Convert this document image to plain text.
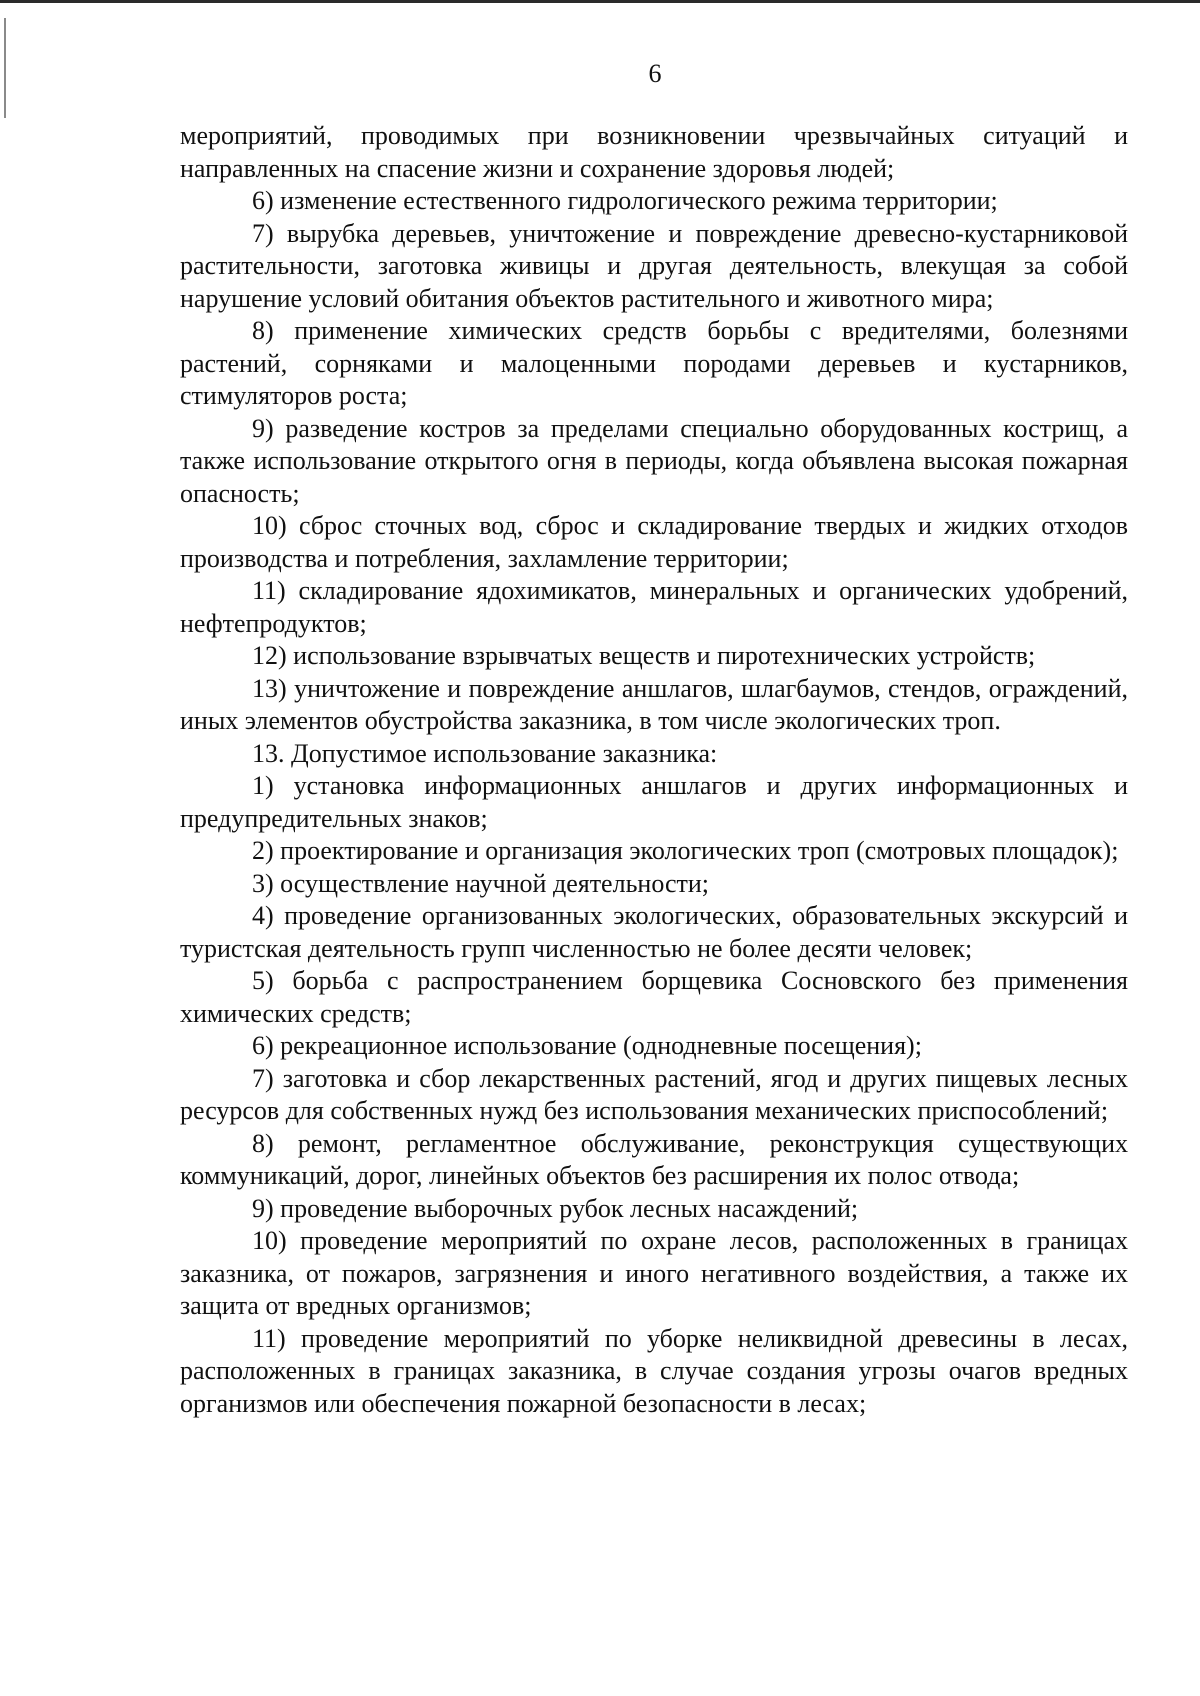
6

мероприятий, проводимых при возникновении чрезвычайных ситуаций и направленных на спасение жизни и сохранение здоровья людей;

6) изменение естественного гидрологического режима территории;

7) вырубка деревьев, уничтожение и повреждение древесно-кустарниковой растительности, заготовка живицы и другая деятельность, влекущая за собой нарушение условий обитания объектов растительного и животного мира;

8) применение химических средств борьбы с вредителями, болезнями растений, сорняками и малоценными породами деревьев и кустарников, стимуляторов роста;

9) разведение костров за пределами специально оборудованных кострищ, а также использование открытого огня в периоды, когда объявлена высокая пожарная опасность;

10) сброс сточных вод, сброс и складирование твердых и жидких отходов производства и потребления, захламление территории;

11) складирование ядохимикатов, минеральных и органических удобрений, нефтепродуктов;

12) использование взрывчатых веществ и пиротехнических устройств;

13) уничтожение и повреждение аншлагов, шлагбаумов, стендов, ограждений, иных элементов обустройства заказника, в том числе экологических троп.

13. Допустимое использование заказника:

1) установка информационных аншлагов и других информационных и предупредительных знаков;

2) проектирование и организация экологических троп (смотровых площадок);

3) осуществление научной деятельности;

4) проведение организованных экологических, образовательных экскурсий и туристская деятельность групп численностью не более десяти человек;

5) борьба с распространением борщевика Сосновского без применения химических средств;

6) рекреационное использование (однодневные посещения);

7) заготовка и сбор лекарственных растений, ягод и других пищевых лесных ресурсов для собственных нужд без использования механических приспособлений;

8) ремонт, регламентное обслуживание, реконструкция существующих коммуникаций, дорог, линейных объектов без расширения их полос отвода;

9) проведение выборочных рубок лесных насаждений;

10) проведение мероприятий по охране лесов, расположенных в границах заказника, от пожаров, загрязнения и иного негативного воздействия, а также их защита от вредных организмов;

11) проведение мероприятий по уборке неликвидной древесины в лесах, расположенных в границах заказника, в случае создания угрозы очагов вредных организмов или обеспечения пожарной безопасности в лесах;
